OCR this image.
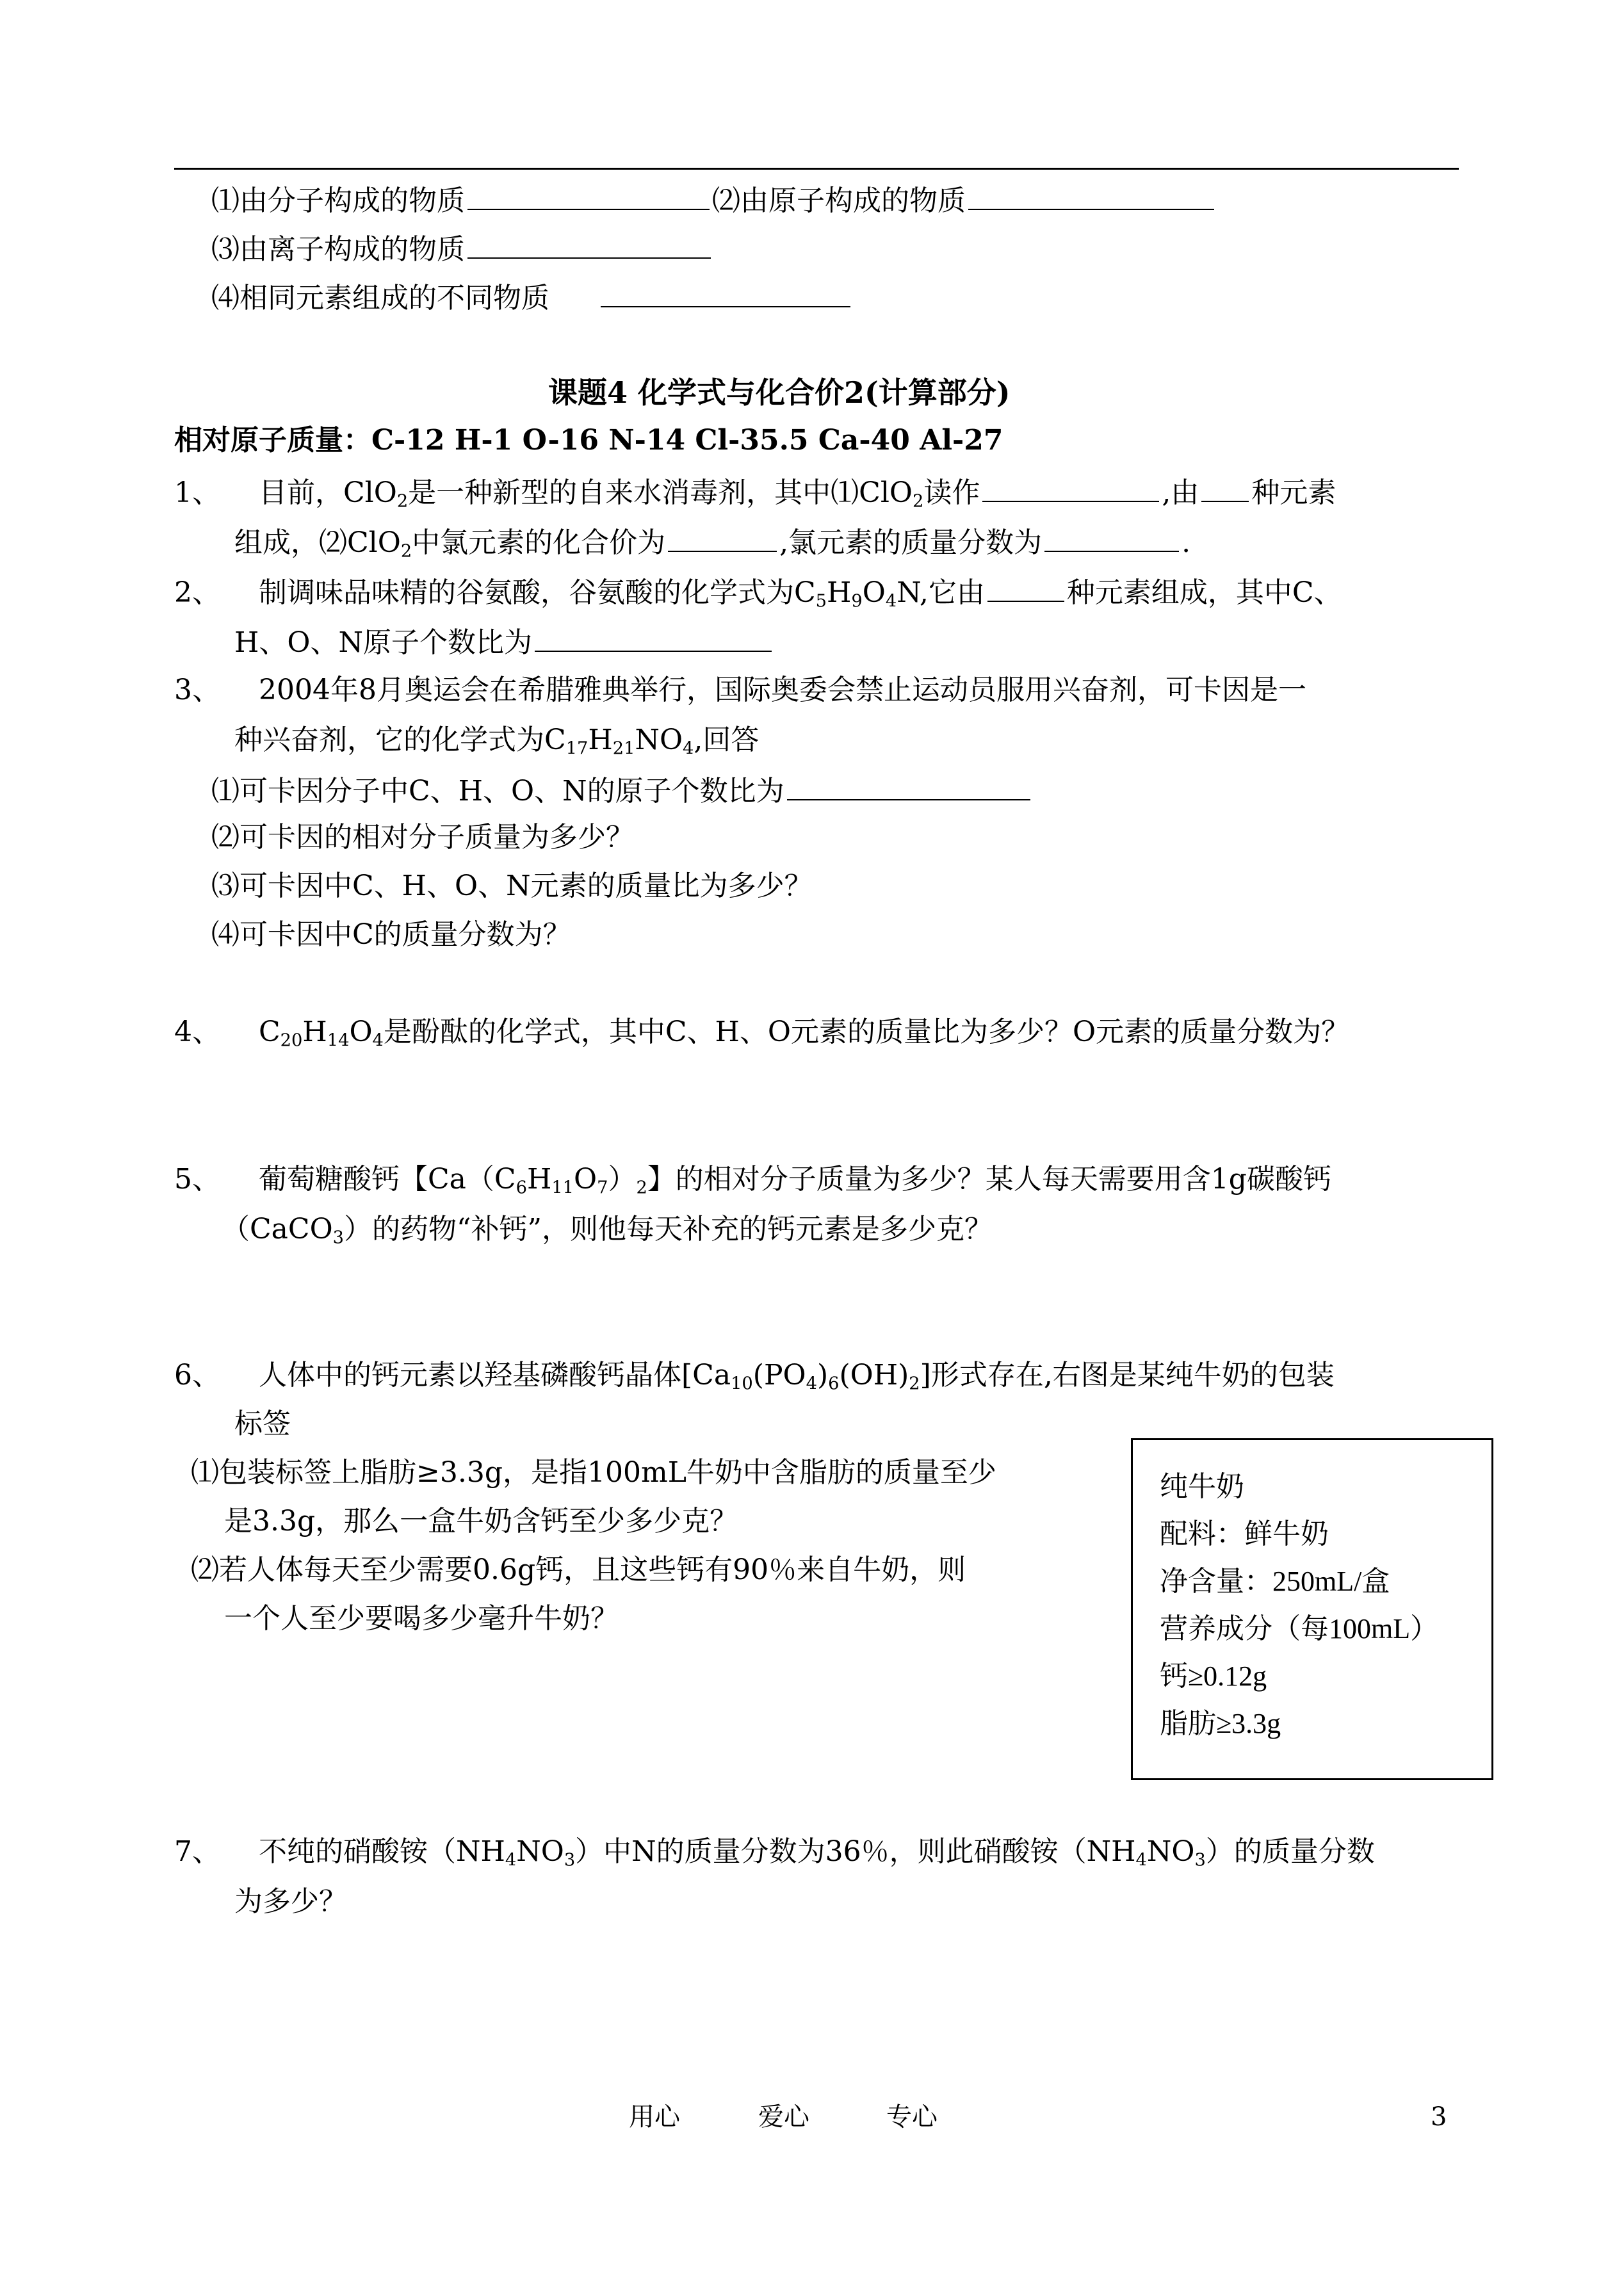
⑴由分子构成的物质	⑵由原子构成的物质
⑶由离子构成的物质
⑷相同元素组成的不同物质
课题4 化学式与化合价2(计算部分)
相对原子质量：C-12 H-1 O-16 N-14 Cl-35.5 Ca-40 Al-27
1、 目前，ClO$_2$是一种新型的自来水消毒剂，其中⑴ClO$_2$读作	,由 种元素
组成，⑵ClO$_2$中氯元素的化合价为	,氯元素的质量分数为	.
2、 制调味品味精的谷氨酸，谷氨酸的化学式为$C_5H_9O_4N$,它由	种元素组成，其中C、
H、O、N原子个数比为
3、 2004年8月奥运会在希腊雅典举行，国际奥委会禁止运动员服用兴奋剂，可卡因是一
种兴奋剂，它的化学式为$C_{17}H_{21}NO_4$,回答
⑴可卡因分子中C、H、O、N的原子个数比为
⑵可卡因的相对分子质量为多少？
⑶可卡因中C、H、O、N元素的质量比为多少？
⑷可卡因中C的质量分数为？
4、 $C_{20}H_{14}O_4$是酚酞的化学式，其中C、H、O元素的质量比为多少？O元素的质量分数为？
5、 葡萄糖酸钙【$Ca(C_6H_{11}O_7)_2$】的相对分子质量为多少？某人每天需要用含1g碳酸钙
（CaCO$_3$）的药物“补钙”，则他每天补充的钙元素是多少克？
6、 人体中的钙元素以羟基磷酸钙晶体$[Ca_{10}(PO_4)_6(OH)_2]$形式存在,右图是某纯牛奶的包装
标签
⑴包装标签上脂肪≥3.3g，是指100mL牛奶中含脂肪的质量至少
是3.3g，那么一盒牛奶含钙至少多少克？
⑵若人体每天至少需要0.6g钙，且这些钙有90％来自牛奶，则
一个人至少要喝多少毫升牛奶？
纯牛奶
配料：鲜牛奶
净含量：250mL/盒
营养成分（每100mL）
钙≥0.12g
脂肪≥3.3g
7、 不纯的硝酸铵$(NH_4NO_3)$中N的质量分数为36％，则此硝酸铵$(NH_4NO_3)$的质量分数
为多少？
用心	爱心	专心	3
